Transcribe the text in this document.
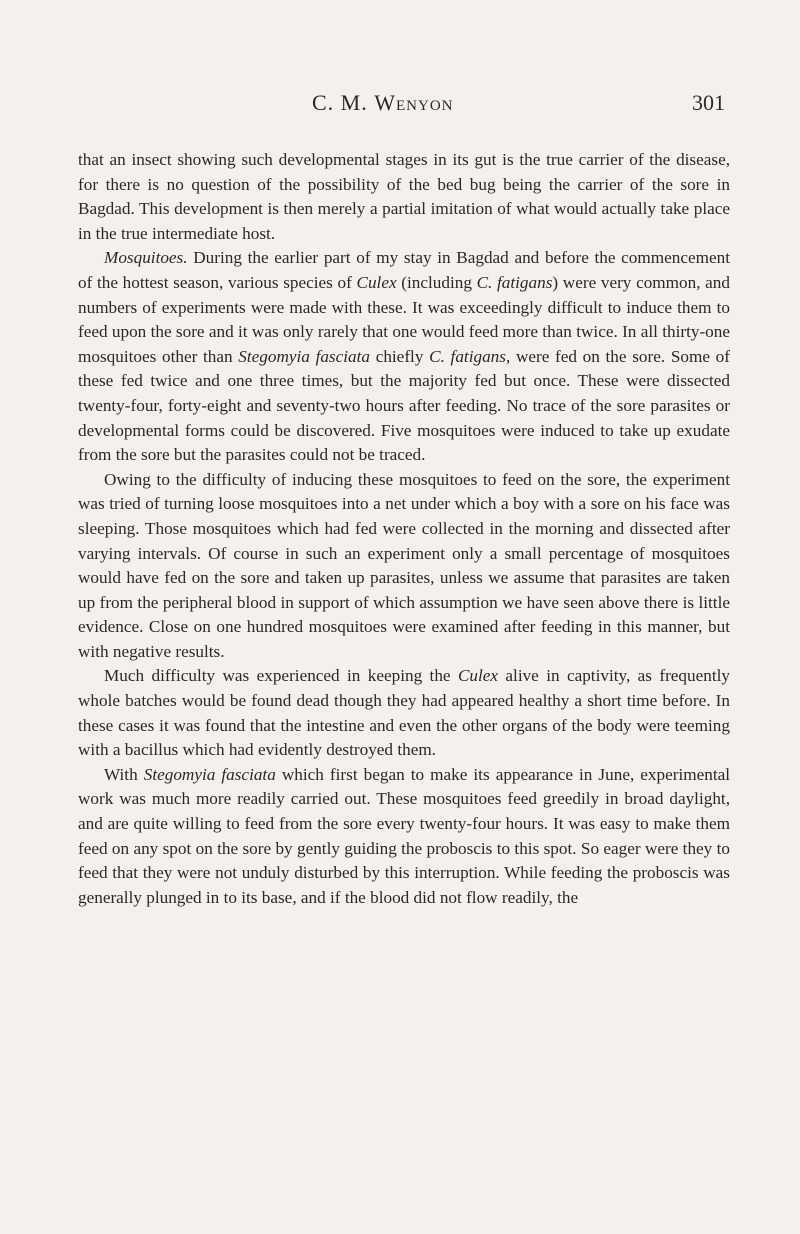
C. M. Wenyon	301

that an insect showing such developmental stages in its gut is the true carrier of the disease, for there is no question of the possibility of the bed bug being the carrier of the sore in Bagdad. This development is then merely a partial imitation of what would actually take place in the true intermediate host.

Mosquitoes. During the earlier part of my stay in Bagdad and before the commencement of the hottest season, various species of Culex (including C. fatigans) were very common, and numbers of experiments were made with these. It was exceedingly difficult to induce them to feed upon the sore and it was only rarely that one would feed more than twice. In all thirty-one mosquitoes other than Stegomyia fasciata chiefly C. fatigans, were fed on the sore. Some of these fed twice and one three times, but the majority fed but once. These were dissected twenty-four, forty-eight and seventy-two hours after feeding. No trace of the sore parasites or developmental forms could be discovered. Five mosquitoes were induced to take up exudate from the sore but the parasites could not be traced.

Owing to the difficulty of inducing these mosquitoes to feed on the sore, the experiment was tried of turning loose mosquitoes into a net under which a boy with a sore on his face was sleeping. Those mosquitoes which had fed were collected in the morning and dissected after varying intervals. Of course in such an experiment only a small percentage of mosquitoes would have fed on the sore and taken up parasites, unless we assume that parasites are taken up from the peripheral blood in support of which assumption we have seen above there is little evidence. Close on one hundred mosquitoes were examined after feeding in this manner, but with negative results.

Much difficulty was experienced in keeping the Culex alive in captivity, as frequently whole batches would be found dead though they had appeared healthy a short time before. In these cases it was found that the intestine and even the other organs of the body were teeming with a bacillus which had evidently destroyed them.

With Stegomyia fasciata which first began to make its appearance in June, experimental work was much more readily carried out. These mosquitoes feed greedily in broad daylight, and are quite willing to feed from the sore every twenty-four hours. It was easy to make them feed on any spot on the sore by gently guiding the proboscis to this spot. So eager were they to feed that they were not unduly disturbed by this interruption. While feeding the proboscis was generally plunged in to its base, and if the blood did not flow readily, the
